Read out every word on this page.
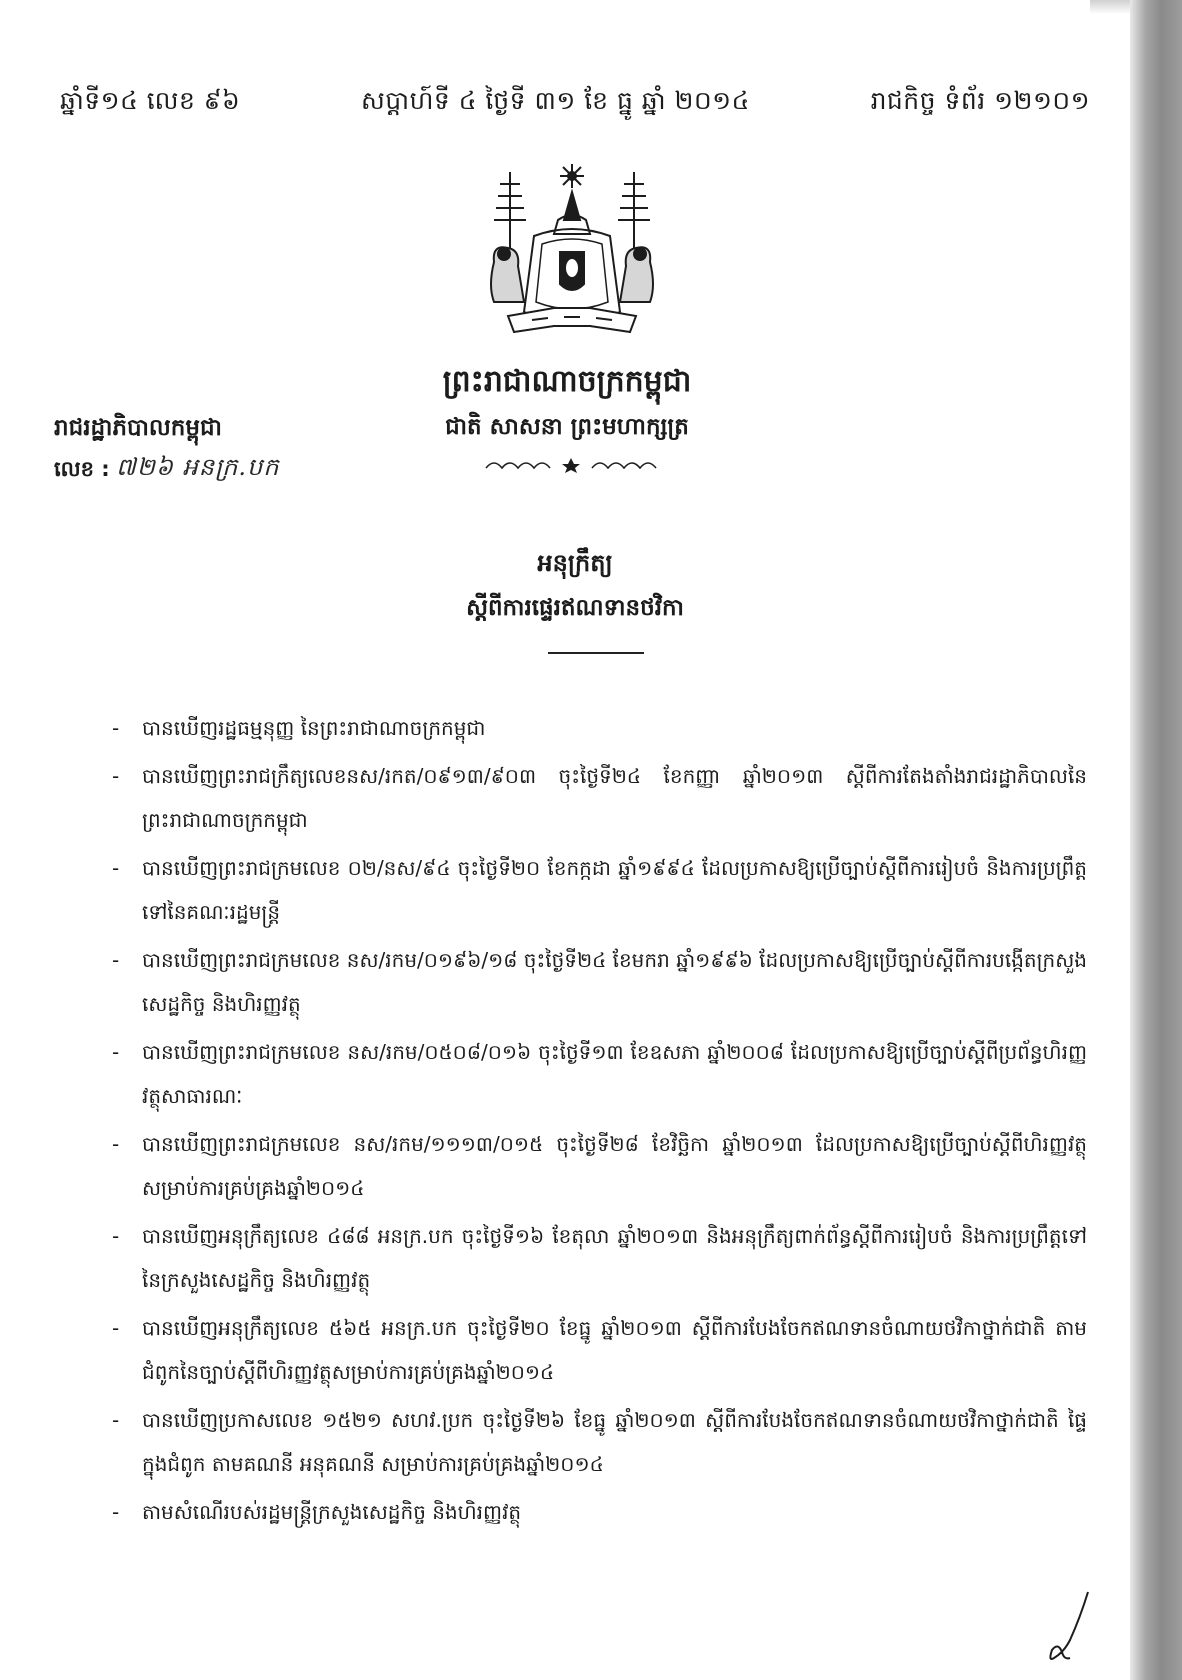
ឆ្នាំទី១៤ លេខ ៩៦	សប្តាហ៍ទី ៤ ថ្ងៃទី ៣១ ខែ ធ្នូ ឆ្នាំ ២០១៤	រាជកិច្ច ទំព័រ ១២១០១
ព្រះរាជាណាចក្រកម្ពុជា
ជាតិ សាសនា ព្រះមហាក្សត្រ
រាជរដ្ឋាភិបាលកម្ពុជា
លេខ : ៧២៦ អនក្រ.បក
អនុក្រឹត្យ
ស្តីពីការផ្ទេរឥណទានថវិកា
- បានឃើញរដ្ឋធម្មនុញ្ញ នៃព្រះរាជាណាចក្រកម្ពុជា
- បានឃើញព្រះរាជក្រឹត្យលេខនស/រកត/០៩១៣/៩០៣ ចុះថ្ងៃទី២៤ ខែកញ្ញា ឆ្នាំ២០១៣ ស្តីពីការតែងតាំងរាជរដ្ឋាភិបាលនៃព្រះរាជាណាចក្រកម្ពុជា
- បានឃើញព្រះរាជក្រមលេខ ០២/នស/៩៤ ចុះថ្ងៃទី២០ ខែកក្កដា ឆ្នាំ១៩៩៤ ដែលប្រកាសឱ្យប្រើច្បាប់ស្តីពីការរៀបចំ និងការប្រព្រឹត្តទៅនៃគណៈរដ្ឋមន្ត្រី
- បានឃើញព្រះរាជក្រមលេខ នស/រកម/០១៩៦/១៨ ចុះថ្ងៃទី២៤ ខែមករា ឆ្នាំ១៩៩៦ ដែលប្រកាសឱ្យប្រើច្បាប់ស្តីពីការបង្កើតក្រសួងសេដ្ឋកិច្ច និងហិរញ្ញវត្ថុ
- បានឃើញព្រះរាជក្រមលេខ នស/រកម/០៥០៨/០១៦ ចុះថ្ងៃទី១៣ ខែឧសភា ឆ្នាំ២០០៨ ដែលប្រកាសឱ្យប្រើច្បាប់ស្តីពីប្រព័ន្ធហិរញ្ញវត្ថុសាធារណៈ
- បានឃើញព្រះរាជក្រមលេខ នស/រកម/១១១៣/០១៥ ចុះថ្ងៃទី២៨ ខែវិច្ឆិកា ឆ្នាំ២០១៣ ដែលប្រកាសឱ្យប្រើច្បាប់ស្តីពីហិរញ្ញវត្ថុសម្រាប់ការគ្រប់គ្រងឆ្នាំ២០១៤
- បានឃើញអនុក្រឹត្យលេខ ៤៨៨ អនក្រ.បក ចុះថ្ងៃទី១៦ ខែតុលា ឆ្នាំ២០១៣ និងអនុក្រឹត្យពាក់ព័ន្ធស្តីពីការរៀបចំ និងការប្រព្រឹត្តទៅនៃក្រសួងសេដ្ឋកិច្ច និងហិរញ្ញវត្ថុ
- បានឃើញអនុក្រឹត្យលេខ ៥៦៥ អនក្រ.បក ចុះថ្ងៃទី២០ ខែធ្នូ ឆ្នាំ២០១៣ ស្តីពីការបែងចែកឥណទានចំណាយថវិកាថ្នាក់ជាតិ តាមជំពូកនៃច្បាប់ស្តីពីហិរញ្ញវត្ថុសម្រាប់ការគ្រប់គ្រងឆ្នាំ២០១៤
- បានឃើញប្រកាសលេខ ១៥២១ សហវ.ប្រក ចុះថ្ងៃទី២៦ ខែធ្នូ ឆ្នាំ២០១៣ ស្តីពីការបែងចែកឥណទានចំណាយថវិកាថ្នាក់ជាតិ ផ្ទៃក្នុងជំពូក តាមគណនី អនុគណនី សម្រាប់ការគ្រប់គ្រងឆ្នាំ២០១៤
- តាមសំណើរបស់រដ្ឋមន្ត្រីក្រសួងសេដ្ឋកិច្ច និងហិរញ្ញវត្ថុ
